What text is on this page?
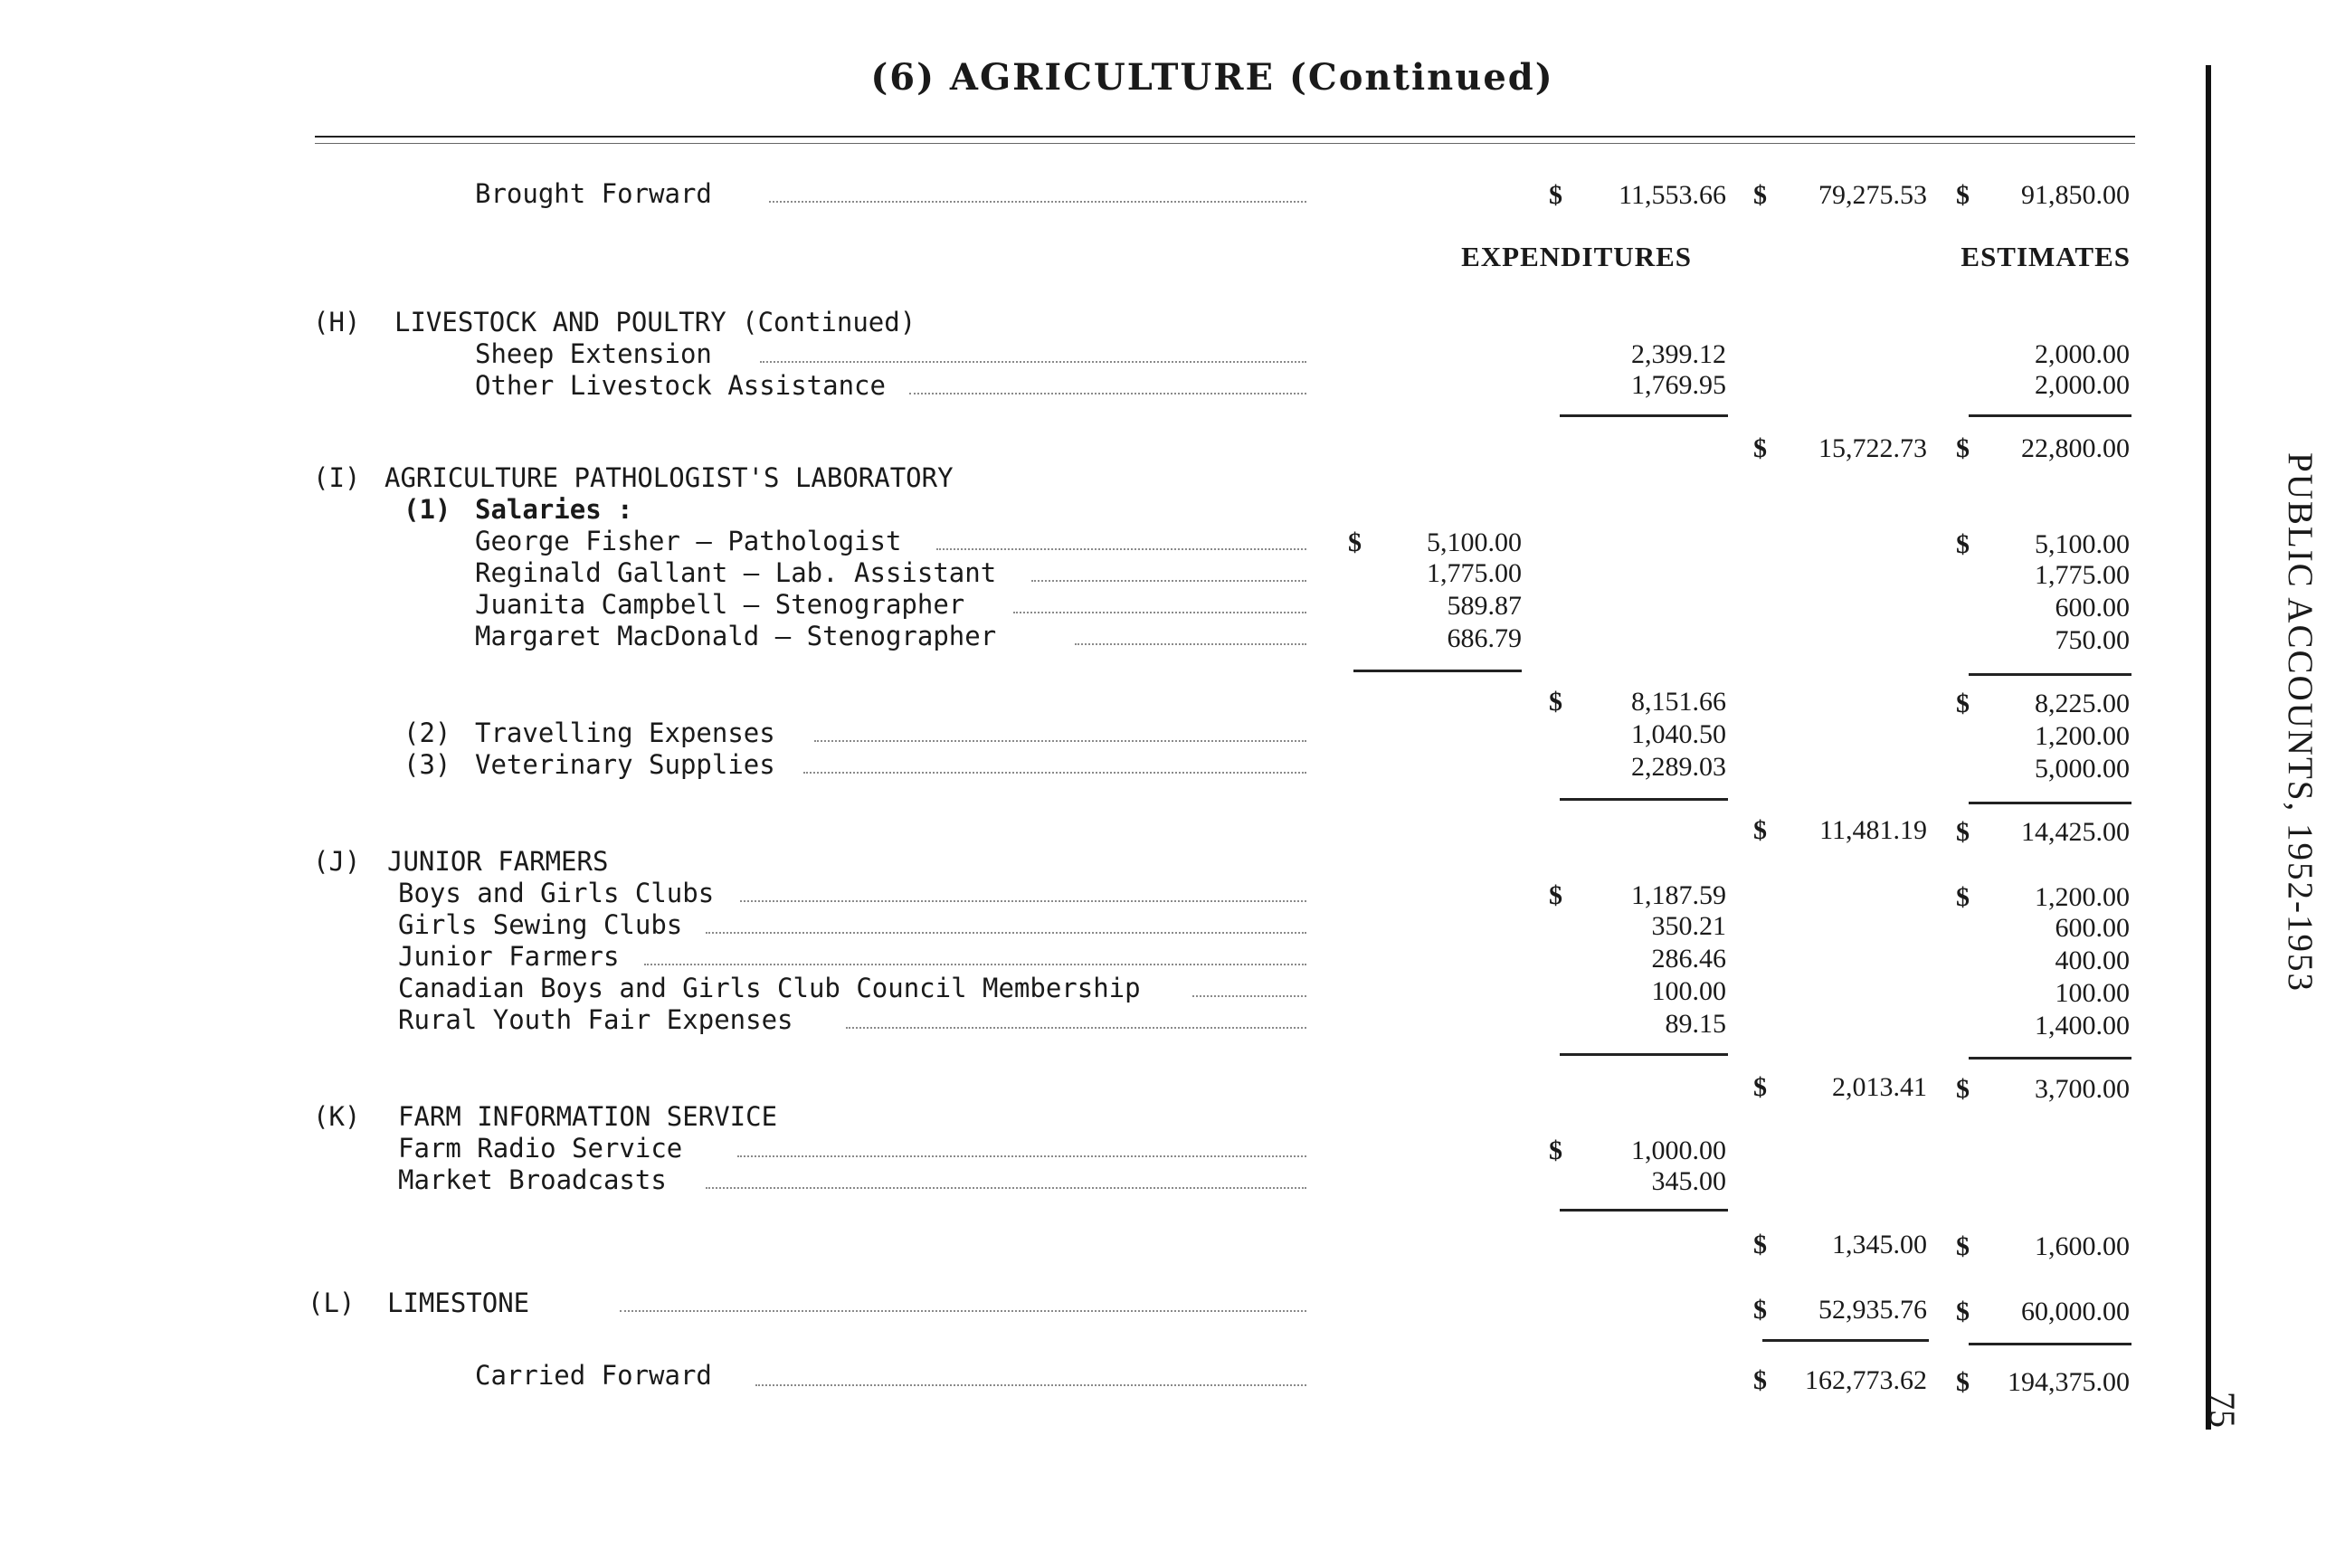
(6) AGRICULTURE (Continued)
PUBLIC ACCOUNTS, 1952-1953
75
Brought Forward	$	11,553.66 $	79,275.53 $	91,850.00
EXPENDITURES	ESTIMATES
(H) LIVESTOCK AND POULTRY (Continued)
Sheep Extension	2,399.12	2,000.00
Other Livestock Assistance	1,769.95	2,000.00
$	15,722.73 $	22,800.00
(I) AGRICULTURE PATHOLOGIST'S LABORATORY
(1) Salaries :
George Fisher — Pathologist	$	5,100.00	$	5,100.00
Reginald Gallant — Lab. Assistant	1,775.00	1,775.00
Juanita Campbell — Stenographer	589.87	600.00
Margaret MacDonald — Stenographer	686.79	750.00
$	8,151.66	$	8,225.00
(2) Travelling Expenses	1,040.50	1,200.00
(3) Veterinary Supplies	2,289.03	5,000.00
$	11,481.19 $	14,425.00
(J) JUNIOR FARMERS
Boys and Girls Clubs	$	1,187.59	$	1,200.00
Girls Sewing Clubs	350.21	600.00
Junior Farmers	286.46	400.00
Canadian Boys and Girls Club Council Membership	100.00	100.00
Rural Youth Fair Expenses	89.15	1,400.00
$	2,013.41 $	3,700.00
(K) FARM INFORMATION SERVICE
Farm Radio Service	$	1,000.00
Market Broadcasts	345.00
$	1,345.00 $	1,600.00
(L) LIMESTONE	$	52,935.76 $	60,000.00
Carried Forward	$	162,773.62 $	194,375.00
